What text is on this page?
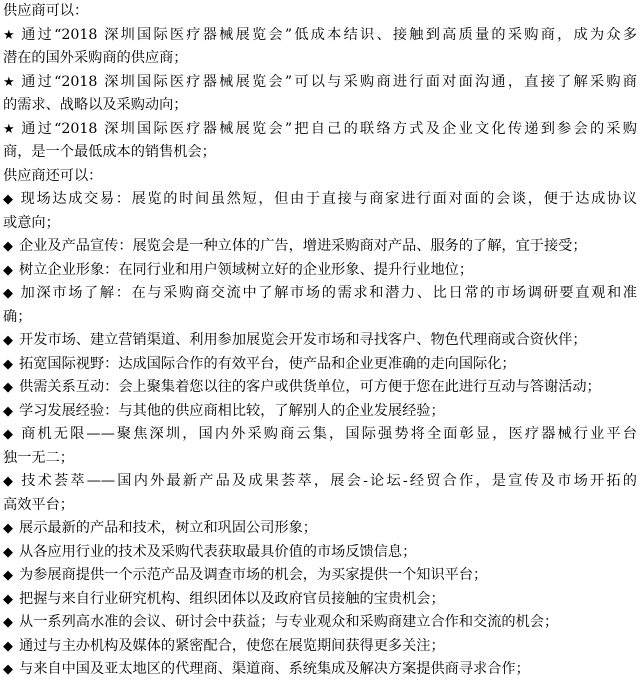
供应商可以：
★ 通过“2018 深圳国际医疗器械展览会”低成本结识、接触到高质量的采购商，成为众多
潜在的国外采购商的供应商；
★ 通过“2018 深圳国际医疗器械展览会”可以与采购商进行面对面沟通，直接了解采购商
的需求、战略以及采购动向；
★ 通过“2018 深圳国际医疗器械展览会”把自己的联络方式及企业文化传递到参会的采购
商，是一个最低成本的销售机会；
供应商还可以：
◆ 现场达成交易：展览的时间虽然短，但由于直接与商家进行面对面的会谈，便于达成协议
或意向；
◆ 企业及产品宣传：展览会是一种立体的广告，增进采购商对产品、服务的了解，宜于接受；
◆ 树立企业形象：在同行业和用户领域树立好的企业形象、提升行业地位；
◆ 加深市场了解：在与采购商交流中了解市场的需求和潜力、比日常的市场调研要直观和准
确；
◆ 开发市场、建立营销渠道、利用参加展览会开发市场和寻找客户、物色代理商或合资伙伴；
◆ 拓宽国际视野：达成国际合作的有效平台，使产品和企业更准确的走向国际化；
◆ 供需关系互动：会上聚集着您以往的客户或供货单位，可方便于您在此进行互动与答谢活动；
◆ 学习发展经验：与其他的供应商相比较，了解别人的企业发展经验；
◆ 商机无限——聚焦深圳，国内外采购商云集，国际强势将全面彰显，医疗器械行业平台
独一无二；
◆ 技术荟萃——国内外最新产品及成果荟萃，展会-论坛-经贸合作，是宣传及市场开拓的
高效平台；
◆ 展示最新的产品和技术，树立和巩固公司形象；
◆ 从各应用行业的技术及采购代表获取最具价值的市场反馈信息；
◆ 为参展商提供一个示范产品及调查市场的机会，为买家提供一个知识平台；
◆ 把握与来自行业研究机构、组织团体以及政府官员接触的宝贵机会；
◆ 从一系列高水准的会议、研讨会中获益；与专业观众和采购商建立合作和交流的机会；
◆ 通过与主办机构及媒体的紧密配合，使您在展览期间获得更多关注；
◆ 与来自中国及亚太地区的代理商、渠道商、系统集成及解决方案提供商寻求合作；
